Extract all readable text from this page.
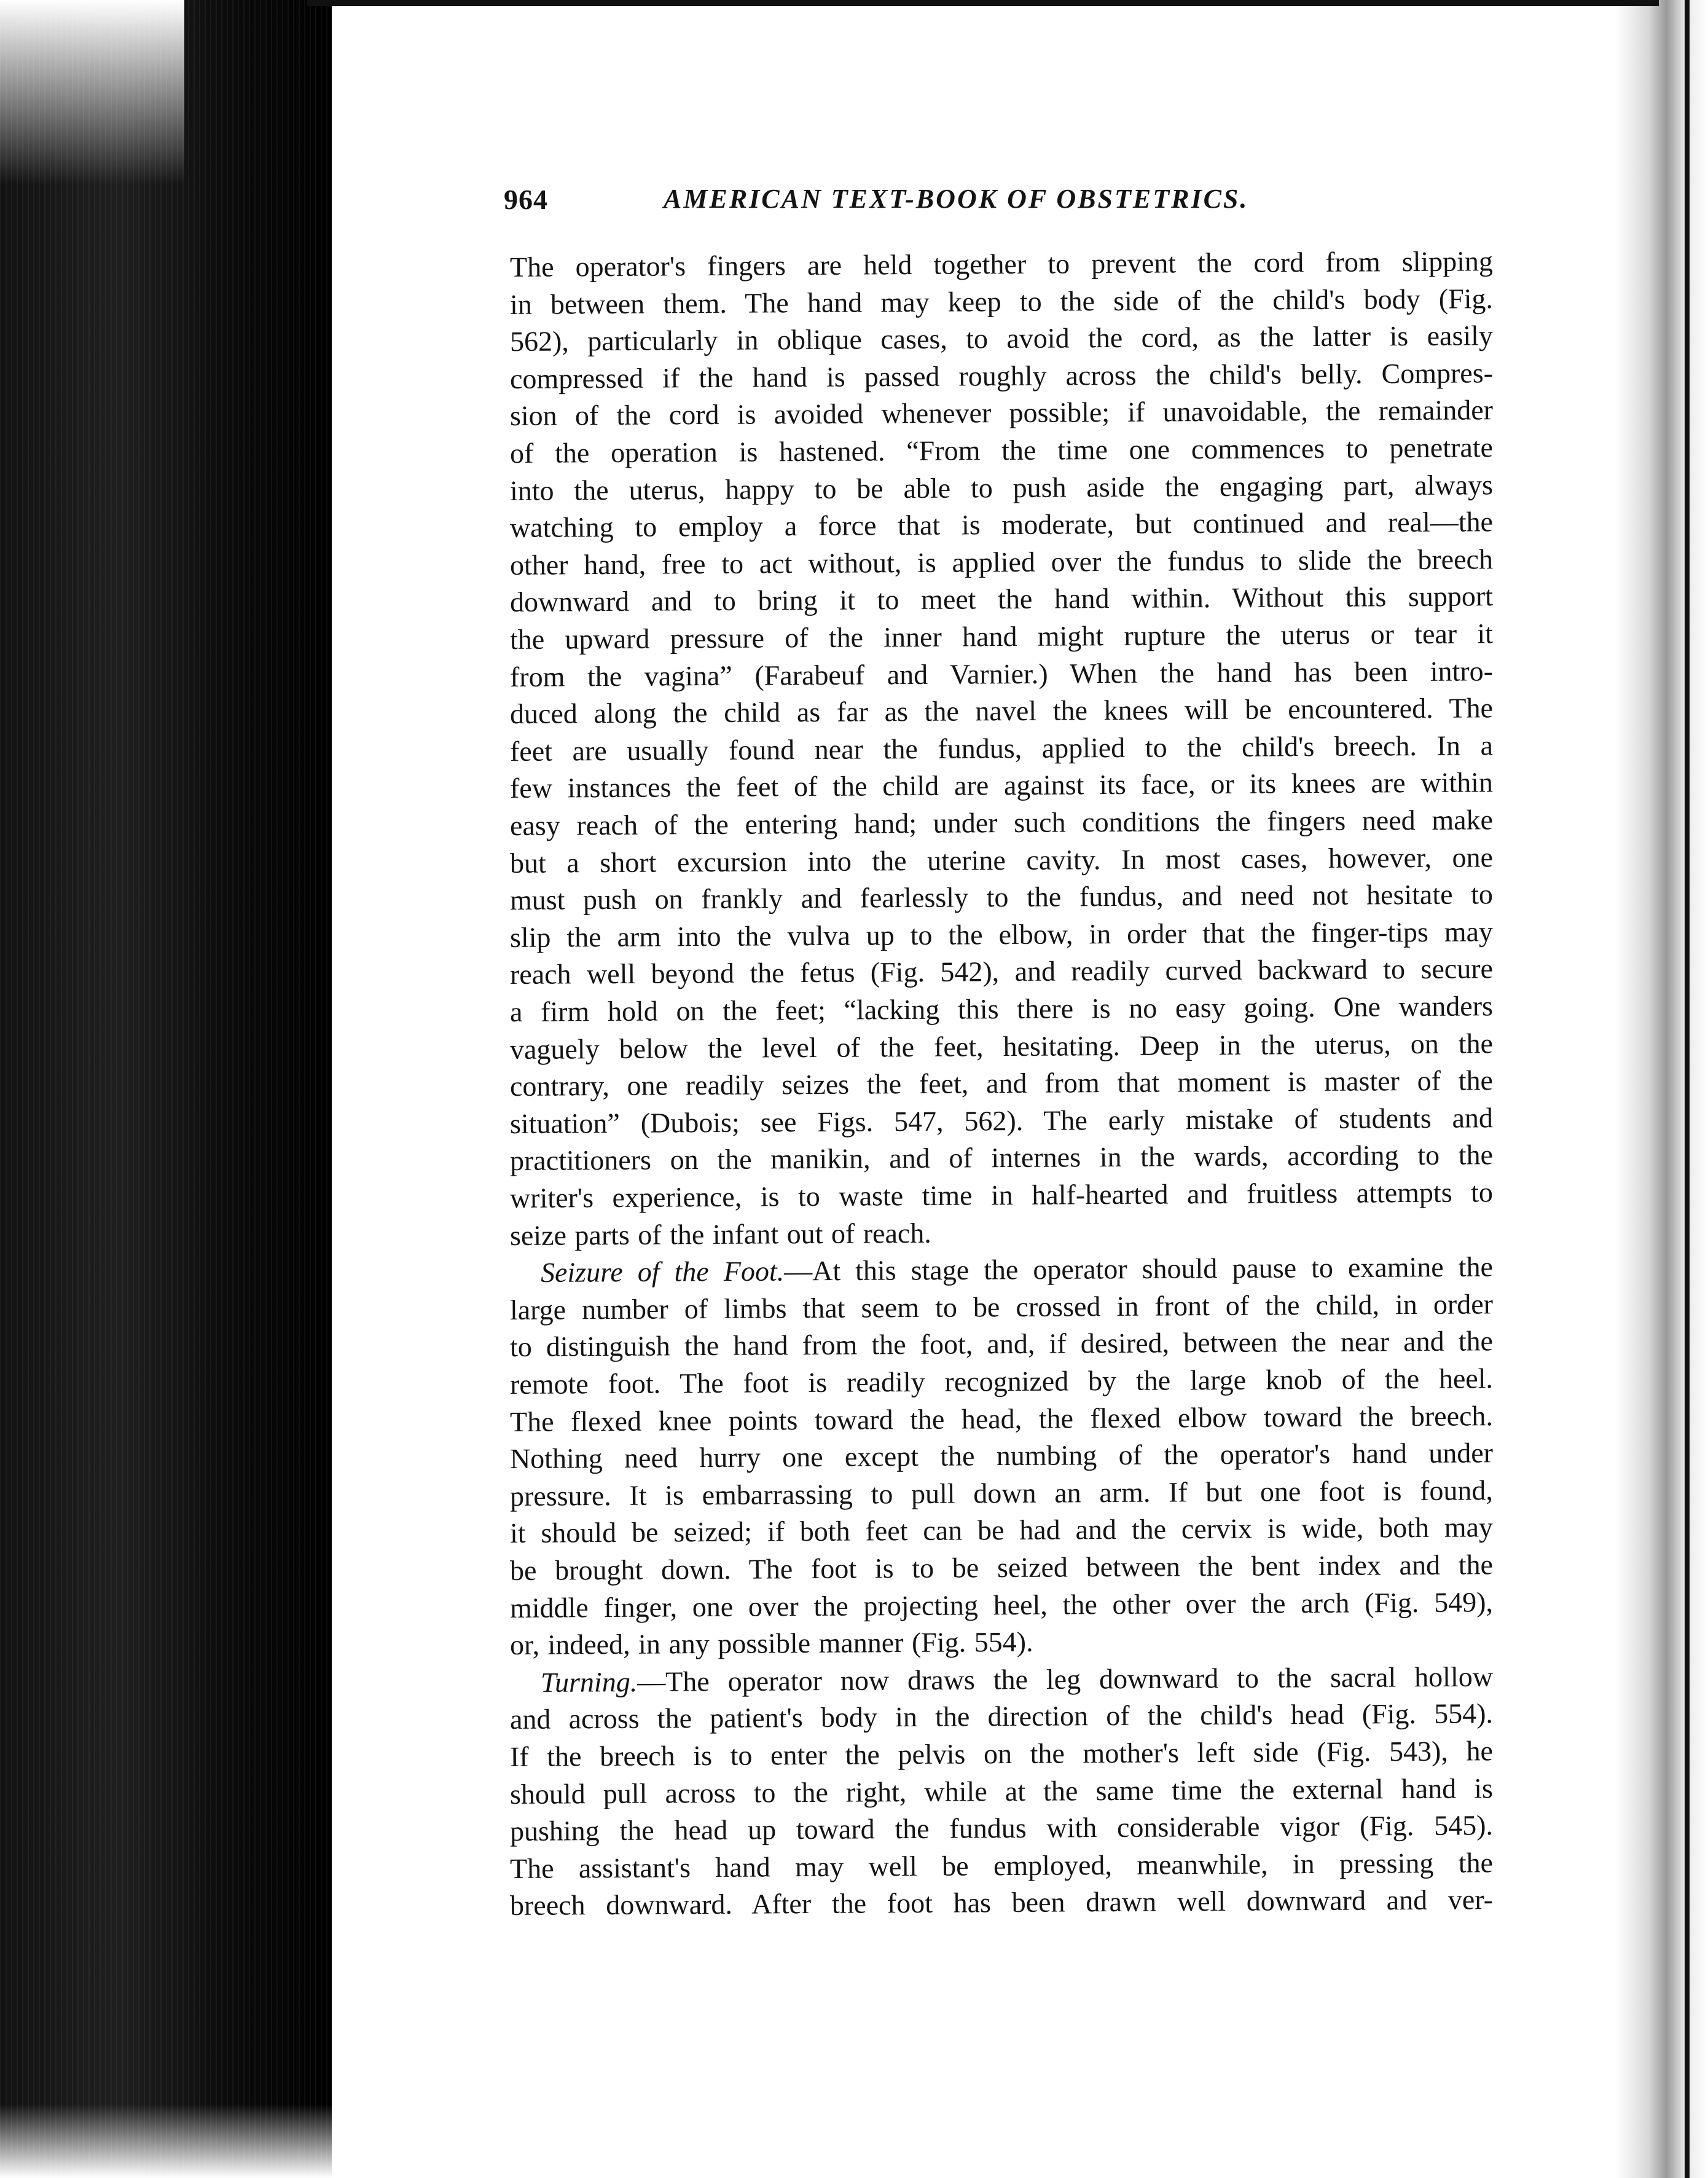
964	AMERICAN TEXT-BOOK OF OBSTETRICS.
The operator's fingers are held together to prevent the cord from slipping
in between them. The hand may keep to the side of the child's body (Fig.
562), particularly in oblique cases, to avoid the cord, as the latter is easily
compressed if the hand is passed roughly across the child's belly. Compres-
sion of the cord is avoided whenever possible; if unavoidable, the remainder
of the operation is hastened. “From the time one commences to penetrate
into the uterus, happy to be able to push aside the engaging part, always
watching to employ a force that is moderate, but continued and real—the
other hand, free to act without, is applied over the fundus to slide the breech
downward and to bring it to meet the hand within. Without this support
the upward pressure of the inner hand might rupture the uterus or tear it
from the vagina” (Farabeuf and Varnier.) When the hand has been intro-
duced along the child as far as the navel the knees will be encountered. The
feet are usually found near the fundus, applied to the child's breech. In a
few instances the feet of the child are against its face, or its knees are within
easy reach of the entering hand; under such conditions the fingers need make
but a short excursion into the uterine cavity. In most cases, however, one
must push on frankly and fearlessly to the fundus, and need not hesitate to
slip the arm into the vulva up to the elbow, in order that the finger-tips may
reach well beyond the fetus (Fig. 542), and readily curved backward to secure
a firm hold on the feet; “lacking this there is no easy going. One wanders
vaguely below the level of the feet, hesitating. Deep in the uterus, on the
contrary, one readily seizes the feet, and from that moment is master of the
situation” (Dubois; see Figs. 547, 562). The early mistake of students and
practitioners on the manikin, and of internes in the wards, according to the
writer's experience, is to waste time in half-hearted and fruitless attempts to
seize parts of the infant out of reach.
Seizure of the Foot.—At this stage the operator should pause to examine the
large number of limbs that seem to be crossed in front of the child, in order
to distinguish the hand from the foot, and, if desired, between the near and the
remote foot. The foot is readily recognized by the large knob of the heel.
The flexed knee points toward the head, the flexed elbow toward the breech.
Nothing need hurry one except the numbing of the operator's hand under
pressure. It is embarrassing to pull down an arm. If but one foot is found,
it should be seized; if both feet can be had and the cervix is wide, both may
be brought down. The foot is to be seized between the bent index and the
middle finger, one over the projecting heel, the other over the arch (Fig. 549),
or, indeed, in any possible manner (Fig. 554).
Turning.—The operator now draws the leg downward to the sacral hollow
and across the patient's body in the direction of the child's head (Fig. 554).
If the breech is to enter the pelvis on the mother's left side (Fig. 543), he
should pull across to the right, while at the same time the external hand is
pushing the head up toward the fundus with considerable vigor (Fig. 545).
The assistant's hand may well be employed, meanwhile, in pressing the
breech downward. After the foot has been drawn well downward and ver-
